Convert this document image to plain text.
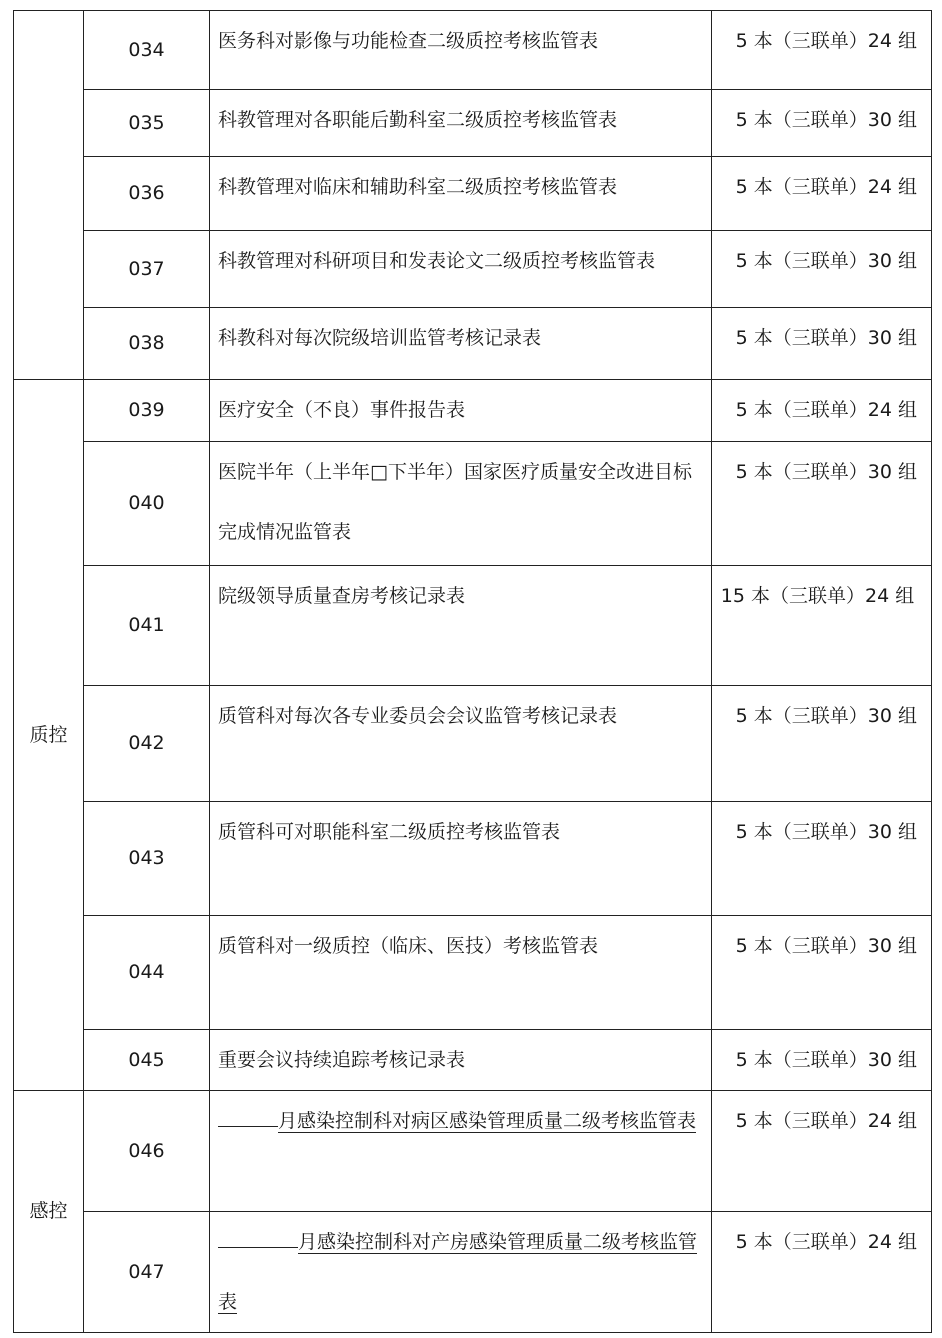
	034	医务科对影像与功能检查二级质控考核监管表	5 本（三联单）24 组
	035	科教管理对各职能后勤科室二级质控考核监管表	5 本（三联单）30 组
	036	科教管理对临床和辅助科室二级质控考核监管表	5 本（三联单）24 组
	037	科教管理对科研项目和发表论文二级质控考核监管表	5 本（三联单）30 组
	038	科教科对每次院级培训监管考核记录表	5 本（三联单）30 组
质控	039	医疗安全（不良）事件报告表	5 本（三联单）24 组
	040	医院半年（上半年□下半年）国家医疗质量安全改进目标完成情况监管表	5 本（三联单）30 组
	041	院级领导质量查房考核记录表	15 本（三联单）24 组
	042	质管科对每次各专业委员会会议监管考核记录表	5 本（三联单）30 组
	043	质管科可对职能科室二级质控考核监管表	5 本（三联单）30 组
	044	质管科对一级质控（临床、医技）考核监管表	5 本（三联单）30 组
	045	重要会议持续追踪考核记录表	5 本（三联单）30 组
感控	046	月感染控制科对病区感染管理质量二级考核监管表	5 本（三联单）24 组
	047	月感染控制科对产房感染管理质量二级考核监管表	5 本（三联单）24 组
